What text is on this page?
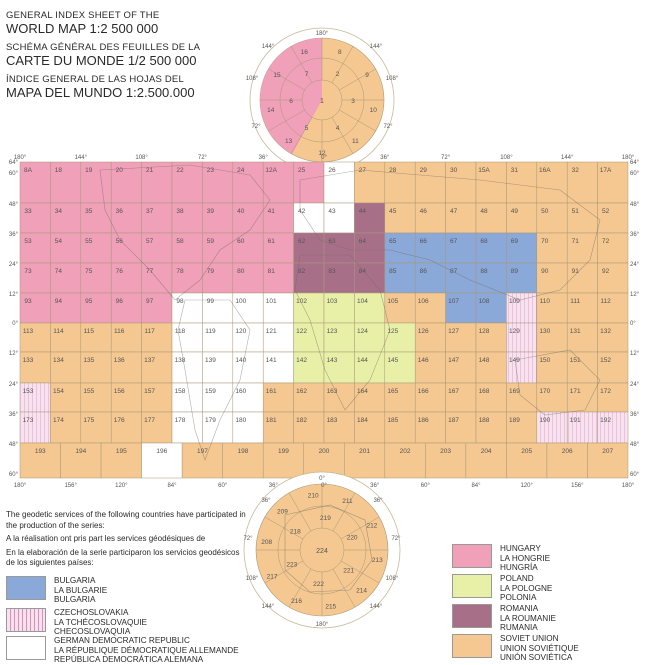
GENERAL INDEX SHEET OF THE
WORLD MAP 1:2 500 000
SCHÉMA GÉNÉRAL DES FEUILLES DE LA
CARTE DU MONDE 1/2 500 000
ÍNDICE GENERAL DE LAS HOJAS DEL
MAPA DEL MUNDO 1:2.500.000
1
2
3
4
5
6
7
8
9
10
11
12
13
14
15
16
180°
144°
108°
72°
144°
108°
72°
8A	18	19	20	21	22	23	24	12A	25	26	27	28	29	30	15A	31	16A	32	17A
33	34	35	36	37	38	39	40	41	42	43	44	45	46	47	48	49	50	51	52
53	54	55	56	57	58	59	60	61	62	63	64	65	66	67	68	69	70	71	72
73	74	75	76	77	78	79	80	81	82	83	84	85	86	87	88	89	90	91	92
93	94	95	96	97	98	99	100	101	102	103	104	105	106	107	108	109	110	111	112
113	114	115	116	117	118	119	120	121	122	123	124	125	126	127	128	129	130	131	132
133	134	135	136	137	138	139	140	141	142	143	144	145	146	147	148	149	150	151	152
153	154	155	156	157	158	159	160	161	162	163	164	165	166	167	168	169	170	171	172
173	174	175	176	177	178	179	180	181	182	183	184	185	186	187	188	189	190	191	192
193	194	195	196	197	198	199	200	201	202	203	204	205	206	207
208
209
210
211
212
213
214
215
216
217
218
219
220
221
222
223
224
0°
36°
72°
108°
36°
72°
108°
144°	144°
180°
180°	144°	108°	72°	36°	0°	36°	72°	108°	144°	180°
180°	156°	120°	84°	60°	36°	0°	36°	60°	84°	120°	156°	180°
64°	64°
60°	60°
48°	48°
36°	36°
24°	24°
12°	12°
0°	0°
12°	12°
24°	24°
36°	36°
48°	48°
60°	60°

The geodetic services of the following countries have participated in the production of the series:

A la réalisation ont pris part les services géodésiques de

En la elaboración de la serie participaron los servicios geodésicos de los siguientes países:

BULGARIA
LA BULGARIE
BULGARIA
CZECHOSLOVAKIA
LA TCHÉCOSLOVAQUIE
CHECOSLOVAQUIA
GERMAN DEMOCRATIC REPUBLIC
LA RÉPUBLIQUE DÉMOCRATIQUE ALLEMANDE
REPÚBLICA DEMOCRÁTICA ALEMANA
HUNGARY
LA HONGRIE
HUNGRÍA
POLAND
LA POLOGNE
POLONIA
ROMANIA
LA ROUMANIE
RUMANIA
SOVIET UNION
UNION SOVIÉTIQUE
UNIÓN SOVIÉTICA
